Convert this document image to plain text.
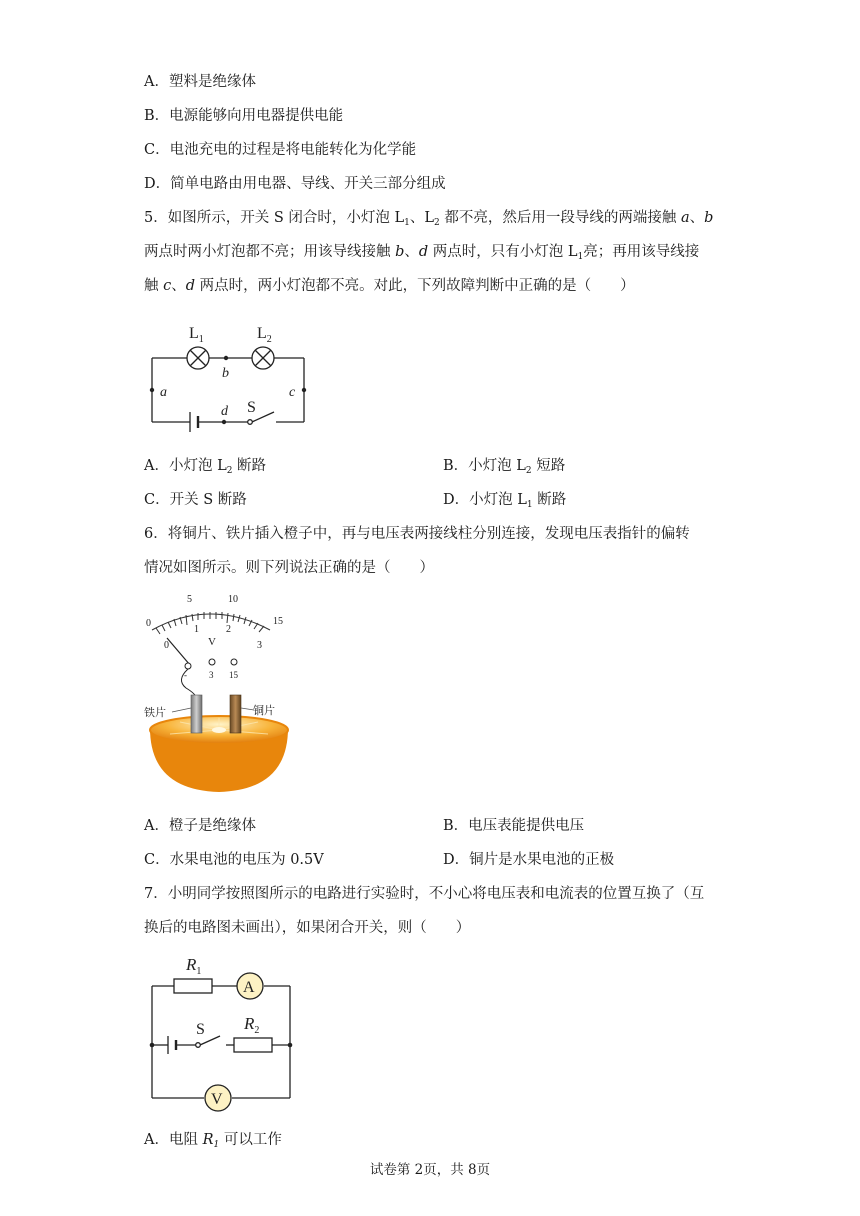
A．塑料是绝缘体
B．电源能够向用电器提供电能
C．电池充电的过程是将电能转化为化学能
D．简单电路由用电器、导线、开关三部分组成
5．如图所示，开关 S 闭合时，小灯泡 $L_1$、$L_2$ 都不亮，然后用一段导线的两端接触 a、b
两点时两小灯泡都不亮；用该导线接触 b、d 两点时，只有小灯泡 $L_1$亮；再用该导线接
触 c、d 两点时，两小灯泡都不亮。对此，下列故障判断中正确的是（　　）
$L_1$	$L_2$
S
b
a	c
d
A．小灯泡 $L_2$ 断路	B．小灯泡 $L_2$ 短路
C．开关 S 断路	D．小灯泡 $L_1$ 断路
6．将铜片、铁片插入橙子中，再与电压表两接线柱分别连接，发现电压表指针的偏转
情况如图所示。则下列说法正确的是（　　）
0
5	10
15
0
1	2
3
V
- 3 15
铁片	铜片
A．橙子是绝缘体	B．电压表能提供电压
C．水果电池的电压为 0.5V	D．铜片是水果电池的正极
7．小明同学按照图所示的电路进行实验时，不小心将电压表和电流表的位置互换了（互
换后的电路图未画出），如果闭合开关，则（　　）
A
V
S
$R_1$
$R_2$
A．电阻 $R_1$ 可以工作
试卷第 2页，共 8页
